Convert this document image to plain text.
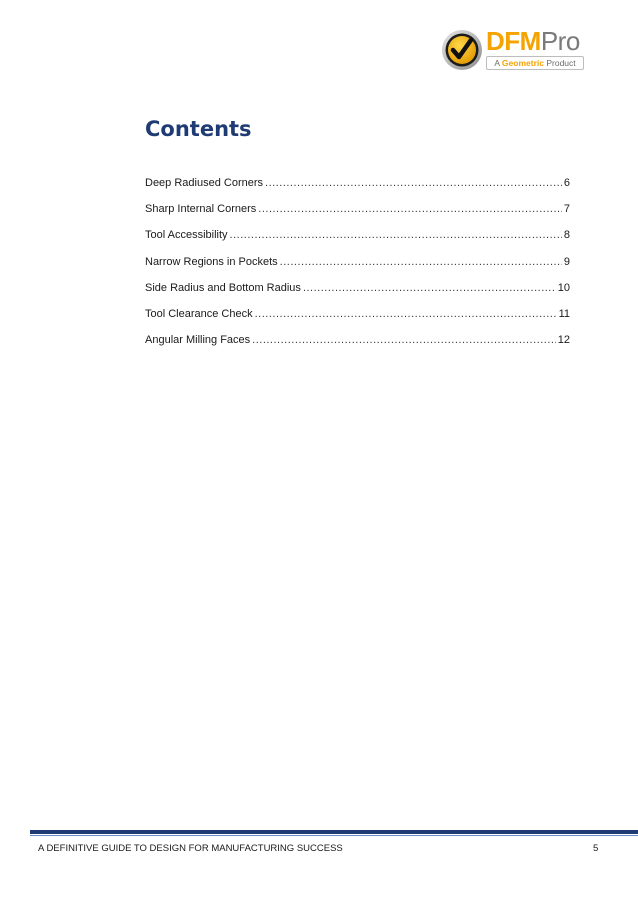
DFMPro
A Geometric Product
Contents
Deep Radiused Corners .....	6
Sharp Internal Corners .....	7
Tool Accessibility .....	8
Narrow Regions in Pockets .....	9
Side Radius and Bottom Radius .....	10
Tool Clearance Check .....	11
Angular Milling Faces .....	12
A DEFINITIVE GUIDE TO DESIGN FOR MANUFACTURING SUCCESS	5
